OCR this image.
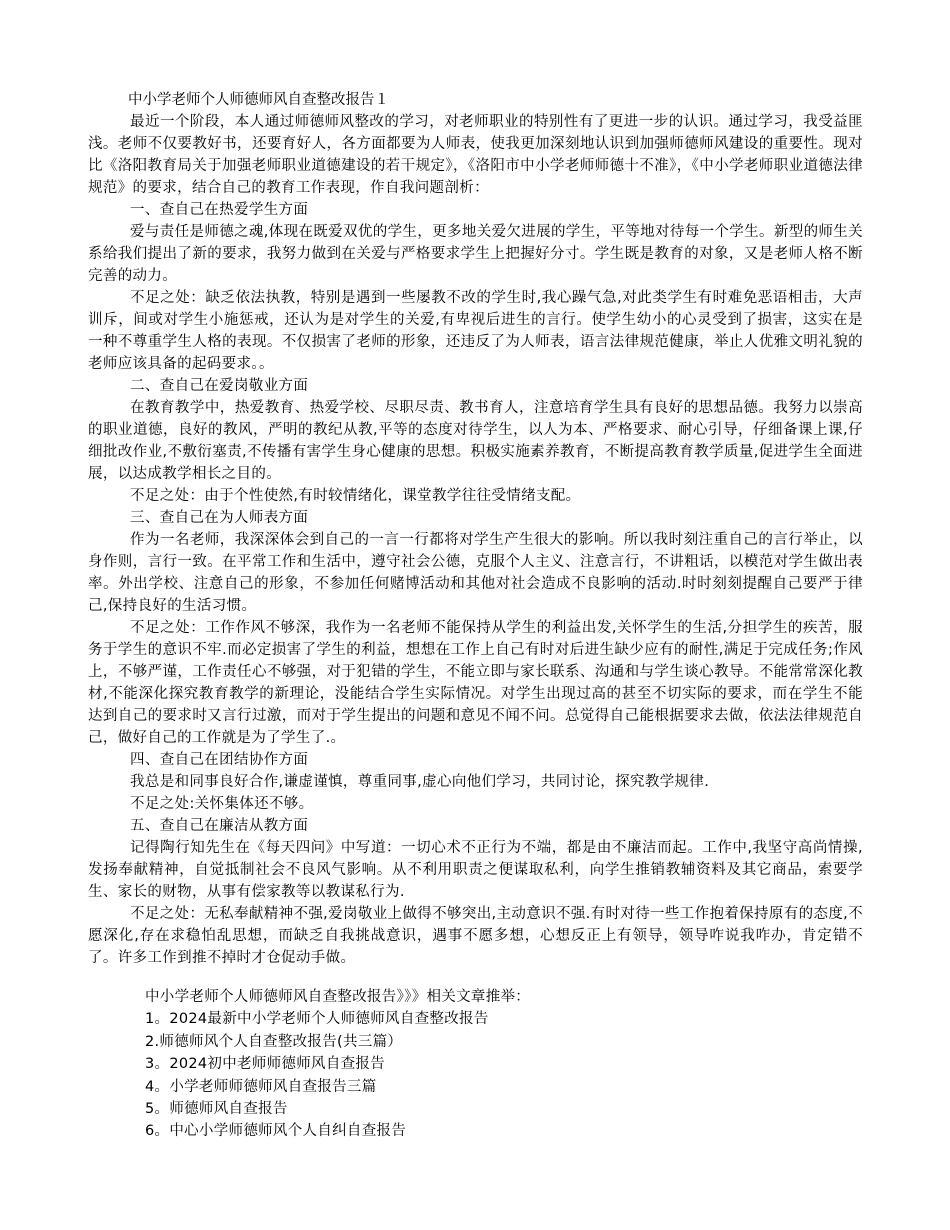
中小学老师个人师德师风自查整改报告１

最近一个阶段，本人通过师德师风整改的学习，对老师职业的特别性有了更进一步的认识。通过学习，我受益匪浅。老师不仅要教好书，还要育好人，各方面都要为人师表，使我更加深刻地认识到加强师德师风建设的重要性。现对比《洛阳教育局关于加强老师职业道德建设的若干规定》，《洛阳市中小学老师师德十不准》，《中小学老师职业道德法律规范》的要求，结合自己的教育工作表现，作自我问题剖析：

一、查自己在热爱学生方面

爱与责任是师德之魂,体现在既爱双优的学生，更多地关爱欠进展的学生，平等地对待每一个学生。新型的师生关系给我们提出了新的要求，我努力做到在关爱与严格要求学生上把握好分寸。学生既是教育的对象，又是老师人格不断完善的动力。

不足之处：缺乏依法执教，特别是遇到一些屡教不改的学生时,我心躁气急,对此类学生有时难免恶语相击，大声训斥，间或对学生小施惩戒，还认为是对学生的关爱,有卑视后进生的言行。使学生幼小的心灵受到了损害，这实在是一种不尊重学生人格的表现。不仅损害了老师的形象，还违反了为人师表，语言法律规范健康，举止人优雅文明礼貌的老师应该具备的起码要求。。

二、查自己在爱岗敬业方面

在教育教学中，热爱教育、热爱学校、尽职尽责、教书育人，注意培育学生具有良好的思想品德。我努力以崇高的职业道德，良好的教风，严明的教纪从教,平等的态度对待学生，以人为本、严格要求、耐心引导，仔细备课上课,仔细批改作业,不敷衍塞责,不传播有害学生身心健康的思想。积极实施素养教育，不断提高教育教学质量,促进学生全面进展，以达成教学相长之目的。

不足之处：由于个性使然,有时较情绪化，课堂教学往往受情绪支配。

三、查自己在为人师表方面

作为一名老师，我深深体会到自己的一言一行都将对学生产生很大的影响。所以我时刻注重自己的言行举止，以身作则，言行一致。在平常工作和生活中，遵守社会公德，克服个人主义、注意言行，不讲粗话，以模范对学生做出表率。外出学校、注意自己的形象，不参加任何赌博活动和其他对社会造成不良影响的活动.时时刻刻提醒自己要严于律己,保持良好的生活习惯。

不足之处：工作作风不够深，我作为一名老师不能保持从学生的利益出发,关怀学生的生活,分担学生的疾苦，服务于学生的意识不牢.而必定损害了学生的利益，想想在工作上自己有时对后进生缺少应有的耐性,满足于完成任务;作风上，不够严谨，工作责任心不够强，对于犯错的学生，不能立即与家长联系、沟通和与学生谈心教导。不能常常深化教材,不能深化探究教育教学的新理论，没能结合学生实际情况。对学生出现过高的甚至不切实际的要求，而在学生不能达到自己的要求时又言行过激，而对于学生提出的问题和意见不闻不问。总觉得自己能根据要求去做，依法法律规范自己，做好自己的工作就是为了学生了.。

四、查自己在团结协作方面

我总是和同事良好合作,谦虚谨慎，尊重同事,虚心向他们学习，共同讨论，探究教学规律.

不足之处:关怀集体还不够。

五、查自己在廉洁从教方面

记得陶行知先生在《每天四问》中写道：一切心术不正行为不端，都是由不廉洁而起。工作中,我坚守高尚情操,发扬奉献精神，自觉抵制社会不良风气影响。从不利用职责之便谋取私利，向学生推销教辅资料及其它商品，索要学生、家长的财物，从事有偿家教等以教谋私行为.

不足之处：无私奉献精神不强,爱岗敬业上做得不够突出,主动意识不强.有时对待一些工作抱着保持原有的态度,不愿深化,存在求稳怕乱思想，而缺乏自我挑战意识，遇事不愿多想，心想反正上有领导，领导咋说我咋办，肯定错不了。许多工作到推不掉时才仓促动手做。

中小学老师个人师德师风自查整改报告》》》相关文章推举：
1。2024最新中小学老师个人师德师风自查整改报告
2.师德师风个人自查整改报告(共三篇）
3。2024初中老师师德师风自查报告
4。小学老师师德师风自查报告三篇
5。师德师风自查报告
6。中心小学师德师风个人自纠自查报告
